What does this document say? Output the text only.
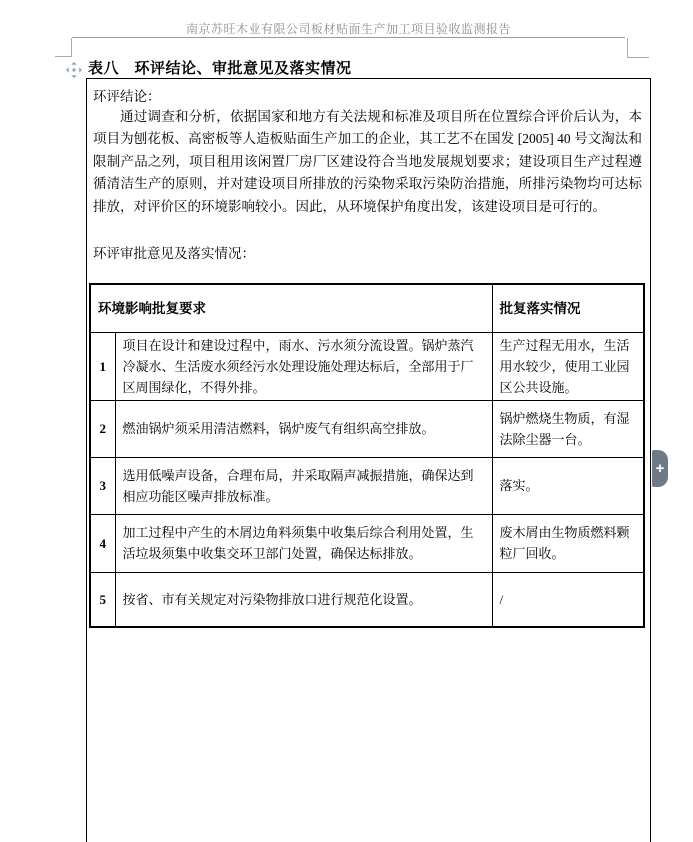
南京苏旺木业有限公司板材贴面生产加工项目验收监测报告
表八　环评结论、审批意见及落实情况
环评结论：
通过调查和分析，依据国家和地方有关法规和标准及项目所在位置综合评价后认为，本项目为刨花板、高密板等人造板贴面生产加工的企业，其工艺不在国发 [2005] 40 号文淘汰和限制产品之列，项目租用该闲置厂房厂区建设符合当地发展规划要求；建设项目生产过程遵循清洁生产的原则，并对建设项目所排放的污染物采取污染防治措施，所排污染物均可达标排放，对评价区的环境影响较小。因此，从环境保护角度出发，该建设项目是可行的。
环评审批意见及落实情况：
环境影响批复要求		批复落实情况
1	项目在设计和建设过程中，雨水、污水须分流设置。锅炉蒸汽冷凝水、生活废水须经污水处理设施处理达标后，全部用于厂区周围绿化，不得外排。	生产过程无用水，生活用水较少，使用工业园区公共设施。
2	燃油锅炉须采用清洁燃料，锅炉废气有组织高空排放。	锅炉燃烧生物质，有湿法除尘器一台。
3	选用低噪声设备，合理布局，并采取隔声减振措施，确保达到相应功能区噪声排放标准。	落实。
4	加工过程中产生的木屑边角料须集中收集后综合利用处置，生活垃圾须集中收集交环卫部门处置，确保达标排放。	废木屑由生物质燃料颗粒厂回收。
5	按省、市有关规定对污染物排放口进行规范化设置。	/
+
